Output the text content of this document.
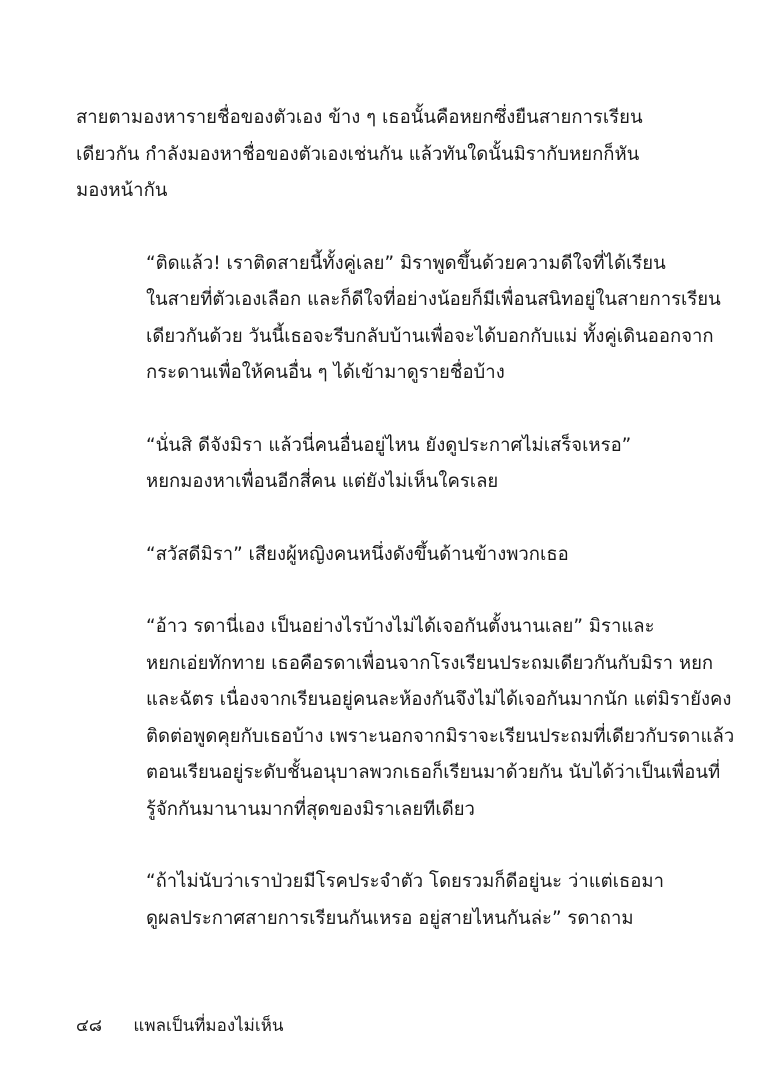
สายตามองหารายชื่อของตัวเอง ข้าง ๆ เธอนั้นคือหยกซึ่งยืนสายการเรียน
เดียวกัน กำลังมองหาชื่อของตัวเองเช่นกัน แล้วทันใดนั้นมิรากับหยกก็หัน
มองหน้ากัน

“ติดแล้ว! เราติดสายนี้ทั้งคู่เลย” มิราพูดขึ้นด้วยความดีใจที่ได้เรียน
ในสายที่ตัวเองเลือก และก็ดีใจที่อย่างน้อยก็มีเพื่อนสนิทอยู่ในสายการเรียน
เดียวกันด้วย วันนี้เธอจะรีบกลับบ้านเพื่อจะได้บอกกับแม่ ทั้งคู่เดินออกจาก
กระดานเพื่อให้คนอื่น ๆ ได้เข้ามาดูรายชื่อบ้าง

“นั่นสิ ดีจังมิรา แล้วนี่คนอื่นอยู่ไหน ยังดูประกาศไม่เสร็จเหรอ”
หยกมองหาเพื่อนอีกสี่คน แต่ยังไม่เห็นใครเลย

“สวัสดีมิรา” เสียงผู้หญิงคนหนึ่งดังขึ้นด้านข้างพวกเธอ

“อ้าว รดานี่เอง เป็นอย่างไรบ้างไม่ได้เจอกันตั้งนานเลย” มิราและ
หยกเอ่ยทักทาย เธอคือรดาเพื่อนจากโรงเรียนประถมเดียวกันกับมิรา หยก
และฉัตร เนื่องจากเรียนอยู่คนละห้องกันจึงไม่ได้เจอกันมากนัก แต่มิรายังคง
ติดต่อพูดคุยกับเธอบ้าง เพราะนอกจากมิราจะเรียนประถมที่เดียวกับรดาแล้ว
ตอนเรียนอยู่ระดับชั้นอนุบาลพวกเธอก็เรียนมาด้วยกัน นับได้ว่าเป็นเพื่อนที่
รู้จักกันมานานมากที่สุดของมิราเลยทีเดียว

“ถ้าไม่นับว่าเราป่วยมีโรคประจำตัว โดยรวมก็ดีอยู่นะ ว่าแต่เธอมา
ดูผลประกาศสายการเรียนกันเหรอ อยู่สายไหนกันล่ะ” รดาถาม

๔๘ แพลเป็นที่มองไม่เห็น
